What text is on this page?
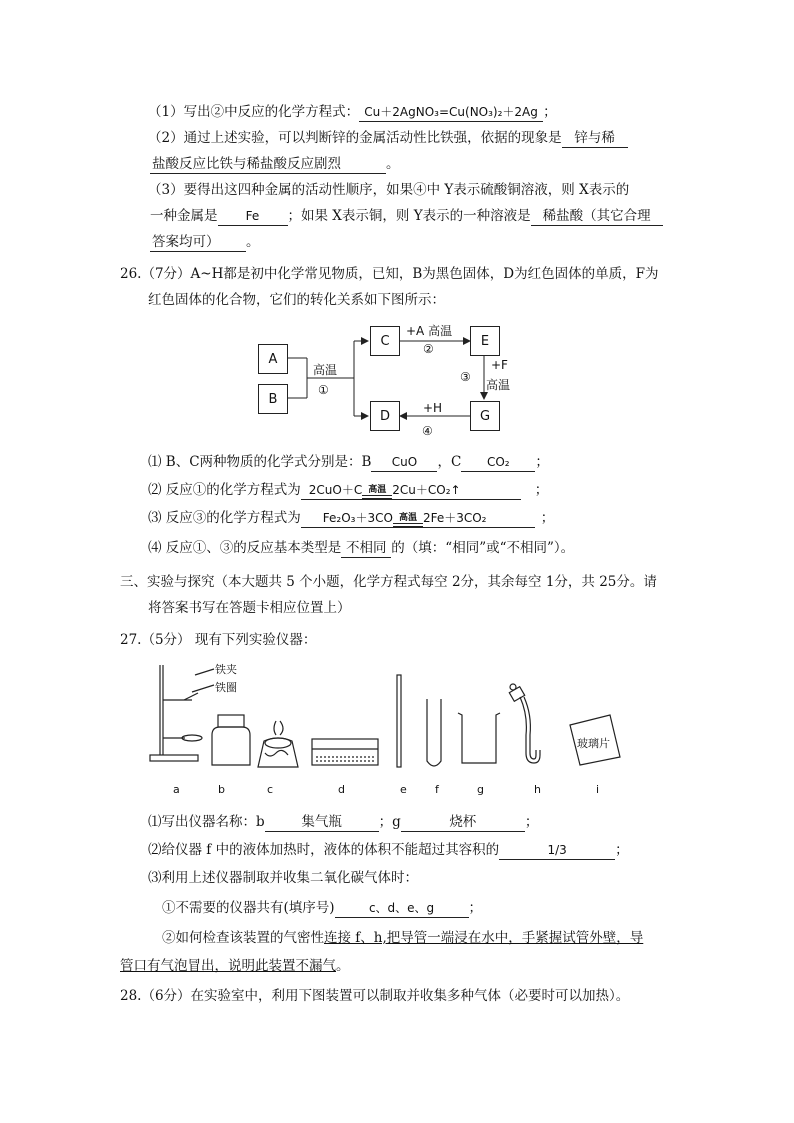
（1）写出②中反应的化学方程式： Cu＋2AgNO₃=Cu(NO₃)₂＋2Ag ；
（2）通过上述实验，可以判断锌的金属活动性比铁强，依据的现象是 锌与稀
盐酸反应比铁与稀盐酸反应剧烈	。
（3）要得出这四种金属的活动性顺序，如果④中 Y表示硫酸铜溶液，则 X表示的
一种金属是 Fe ；如果 X表示铜，则 Y表示的一种溶液是 稀盐酸（其它合理
答案均可） 。
26.（7分）A~H都是初中化学常见物质，已知，B为黑色固体，D为红色固体的单质，F为
红色固体的化合物，它们的转化关系如下图所示：
A
B
C	E
D	G
高温
①
+A 高温
②
③
+F
高温
+H
④
⑴ B、C两种物质的化学式分别是：B CuO ，C CO₂ ；
⑵ 反应①的化学方程式为 2CuO＋C 高温 2Cu＋CO₂↑	；
⑶ 反应③的化学方程式为 Fe₂O₃＋3CO 高温 2Fe＋3CO₂	；
⑷ 反应①、③的反应基本类型是 不相同 的（填：“相同”或“不相同”）。
三、实验与探究（本大题共 5 个小题，化学方程式每空 2分，其余每空 1分，共 25分。请
将答案书写在答题卡相应位置上）
27.（5分） 现有下列实验仪器：
铁夹
铁圈
玻璃片
a	b	c	d	e	f	g	h	i
⑴写出仪器名称：b	集气瓶	；g	烧杯	；
⑵给仪器 f 中的液体加热时，液体的体积不能超过其容积的	1/3	；
⑶利用上述仪器制取并收集二氧化碳气体时：
①不需要的仪器共有(填序号)	c、d、e、g	；
②如何检查该装置的气密性连接 f、h,把导管一端浸在水中，手紧握试管外壁，导
管口有气泡冒出，说明此装置不漏气。
28.（6分）在实验室中，利用下图装置可以制取并收集多种气体（必要时可以加热）。
